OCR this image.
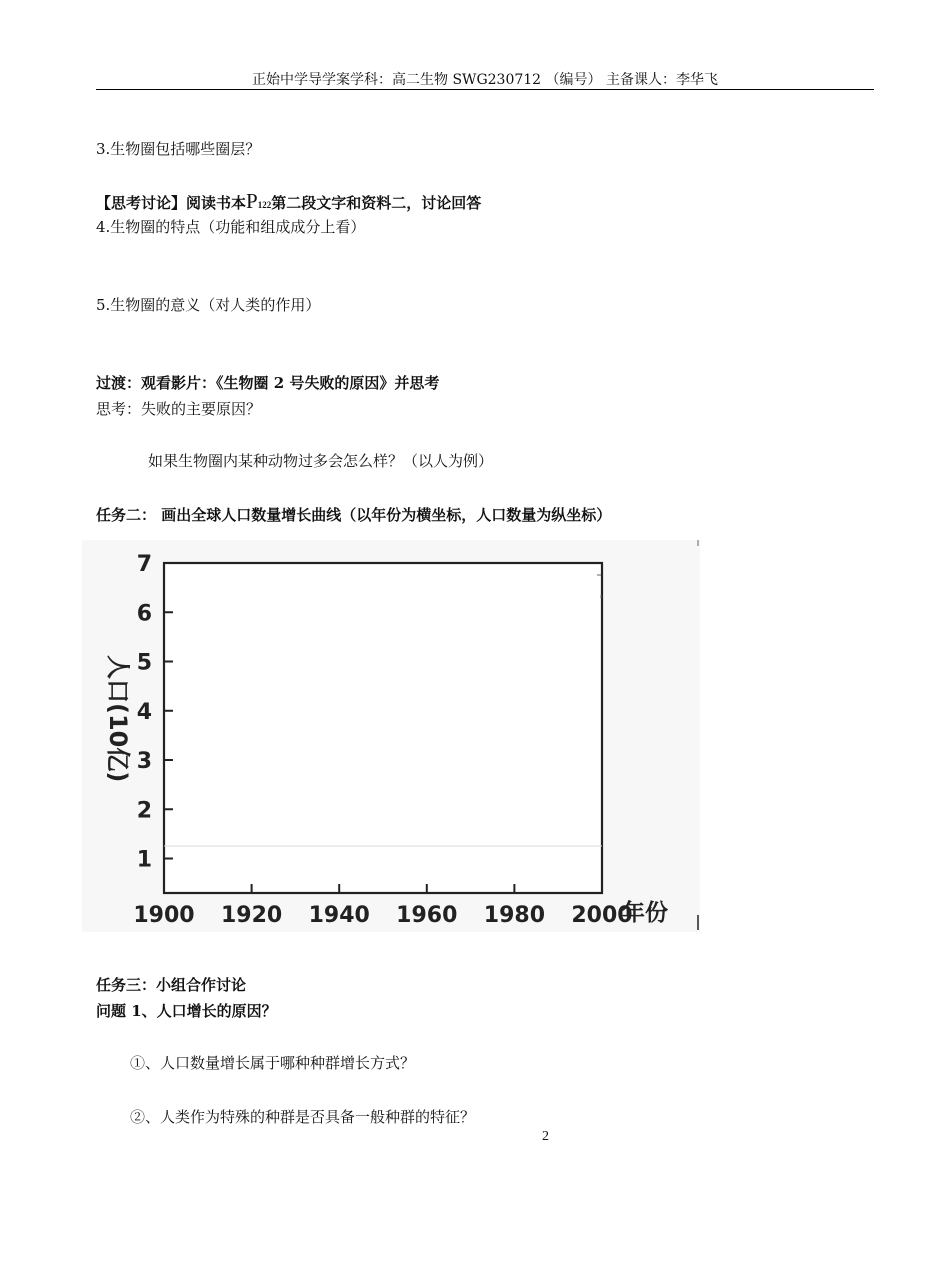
正始中学导学案学科：高二生物 SWG230712 （编号） 主备课人：李华飞
3.生物圈包括哪些圈层？
【思考讨论】阅读书本P122第二段文字和资料二，讨论回答
4.生物圈的特点（功能和组成成分上看）
5.生物圈的意义（对人类的作用）
过渡：观看影片：《生物圈 2 号失败的原因》并思考
思考：失败的主要原因？
如果生物圈内某种动物过多会怎么样？（以人为例）
任务二： 画出全球人口数量增长曲线（以年份为横坐标，人口数量为纵坐标）
1
2
3
4
5
6
7
1900 1920 1940 1960 1980 2000
人口(10亿)
年份
任务三：小组合作讨论
问题 1、人口增长的原因？
①、人口数量增长属于哪种种群增长方式？
②、人类作为特殊的种群是否具备一般种群的特征？
2
